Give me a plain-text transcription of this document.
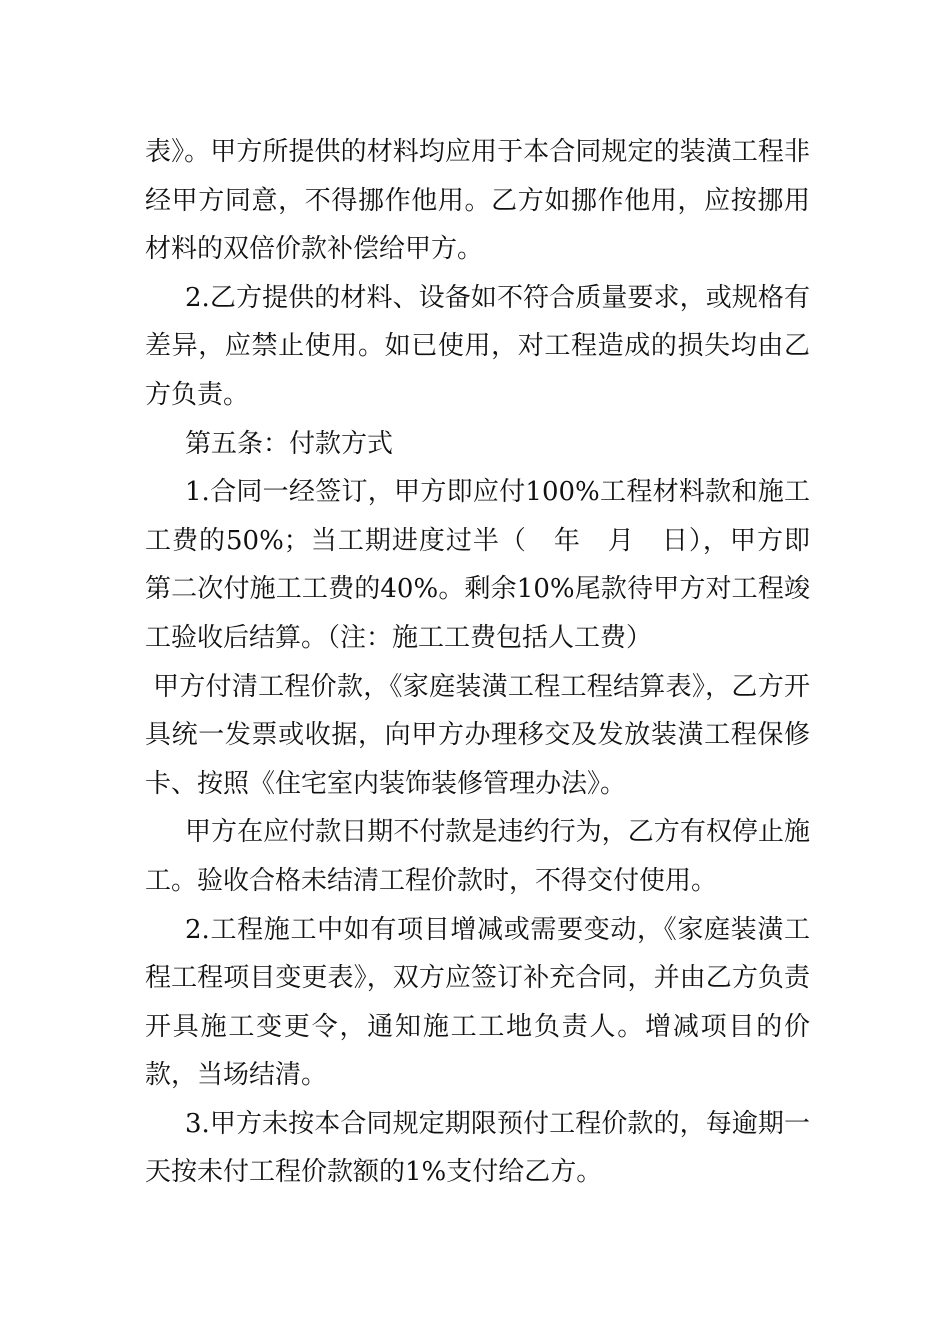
表》。甲方所提供的材料均应用于本合同规定的装潢工程非经甲方同意，不得挪作他用。乙方如挪作他用，应按挪用材料的双倍价款补偿给甲方。

2.乙方提供的材料、设备如不符合质量要求，或规格有差异，应禁止使用。如已使用，对工程造成的损失均由乙方负责。

第五条：付款方式

1.合同一经签订，甲方即应付100%工程材料款和施工工费的50%；当工期进度过半（ 年 月 日），甲方即第二次付施工工费的40%。剩余10%尾款待甲方对工程竣工验收后结算。（注：施工工费包括人工费）

甲方付清工程价款，《家庭装潢工程工程结算表》，乙方开具统一发票或收据，向甲方办理移交及发放装潢工程保修卡、按照《住宅室内装饰装修管理办法》。

甲方在应付款日期不付款是违约行为，乙方有权停止施工。验收合格未结清工程价款时，不得交付使用。

2.工程施工中如有项目增减或需要变动，《家庭装潢工程工程项目变更表》，双方应签订补充合同，并由乙方负责开具施工变更令，通知施工工地负责人。增减项目的价款，当场结清。

3.甲方未按本合同规定期限预付工程价款的，每逾期一天按未付工程价款额的1%支付给乙方。
